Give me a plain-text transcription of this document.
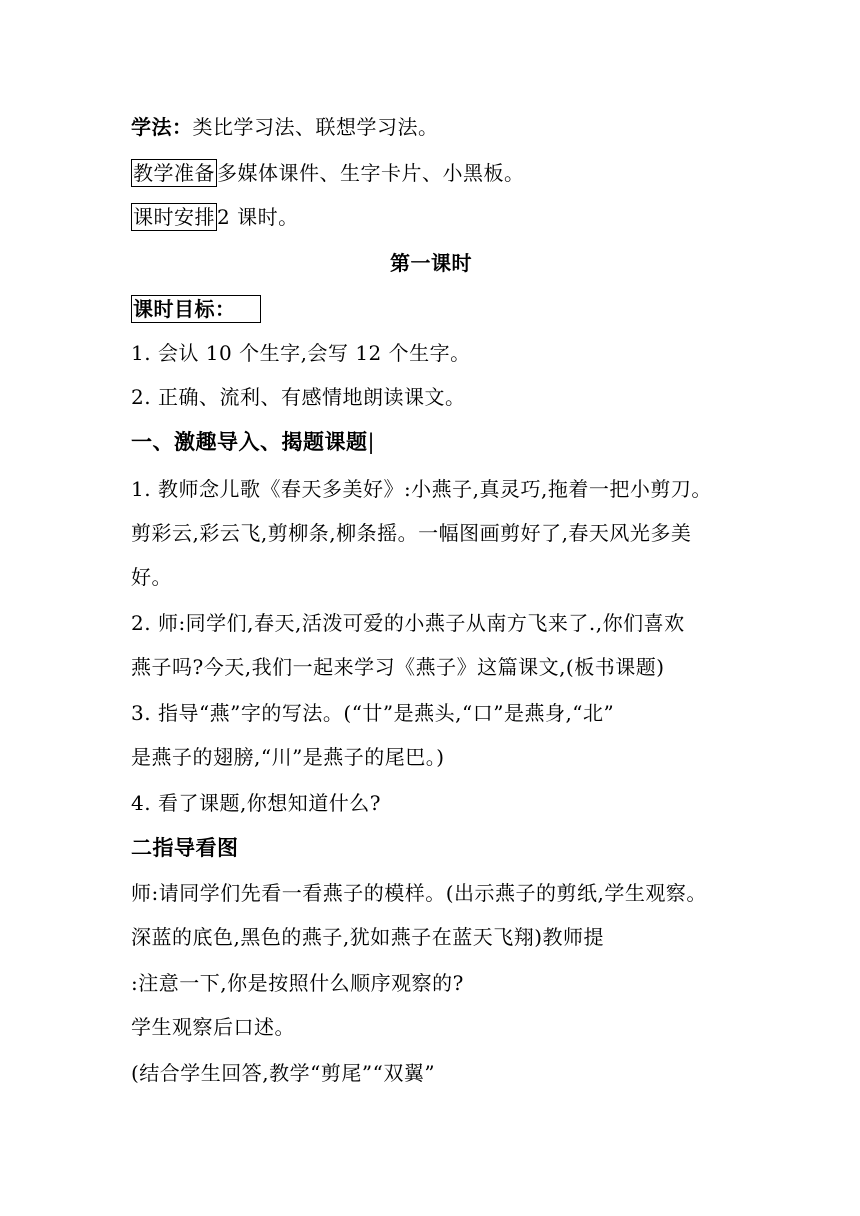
学法：类比学习法、联想学习法。
教学准备 多媒体课件、生字卡片、小黑板。
课时安排 2 课时。
第一课时
课时目标：
1. 会认 10 个生字,会写 12 个生字。
2. 正确、流利、有感情地朗读课文。
一、激趣导入、揭题课题|
1. 教师念儿歌《春天多美好》:小燕子,真灵巧,拖着一把小剪刀。
剪彩云,彩云飞,剪柳条,柳条摇。一幅图画剪好了,春天风光多美
好。
2. 师:同学们,春天,活泼可爱的小燕子从南方飞来了.,你们喜欢
燕子吗?今天,我们一起来学习《燕子》这篇课文,(板书课题)
3. 指导“燕”字的写法。(“廿”是燕头,“口”是燕身,“北”
是燕子的翅膀,“川”是燕子的尾巴。)
4. 看了课题,你想知道什么?
二指导看图
师:请同学们先看一看燕子的模样。(出示燕子的剪纸,学生观察。
深蓝的底色,黑色的燕子,犹如燕子在蓝天飞翔)教师提
:注意一下,你是按照什么顺序观察的?
学生观察后口述。
(结合学生回答,教学“剪尾”“双翼”
